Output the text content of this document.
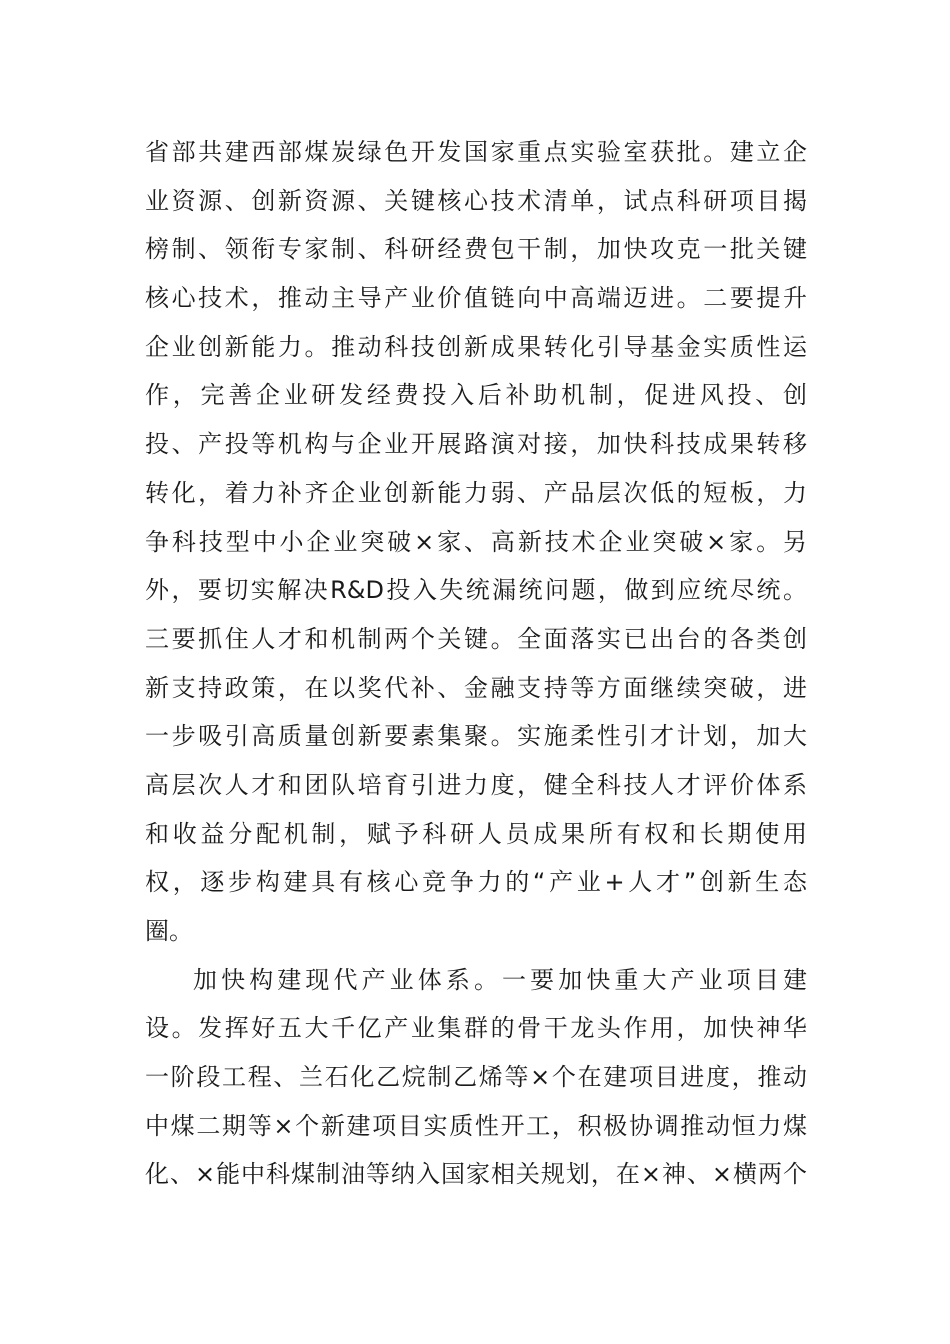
省部共建西部煤炭绿色开发国家重点实验室获批。建立企
业资源、创新资源、关键核心技术清单，试点科研项目揭
榜制、领衔专家制、科研经费包干制，加快攻克一批关键
核心技术，推动主导产业价值链向中高端迈进。二要提升
企业创新能力。推动科技创新成果转化引导基金实质性运
作，完善企业研发经费投入后补助机制，促进风投、创
投、产投等机构与企业开展路演对接，加快科技成果转移
转化，着力补齐企业创新能力弱、产品层次低的短板，力
争科技型中小企业突破×家、高新技术企业突破×家。另
外，要切实解决R&D投入失统漏统问题，做到应统尽统。
三要抓住人才和机制两个关键。全面落实已出台的各类创
新支持政策，在以奖代补、金融支持等方面继续突破，进
一步吸引高质量创新要素集聚。实施柔性引才计划，加大
高层次人才和团队培育引进力度，健全科技人才评价体系
和收益分配机制，赋予科研人员成果所有权和长期使用
权，逐步构建具有核心竞争力的“产业+人才”创新生态
圈。
加快构建现代产业体系。一要加快重大产业项目建
设。发挥好五大千亿产业集群的骨干龙头作用，加快神华
一阶段工程、兰石化乙烷制乙烯等×个在建项目进度，推动
中煤二期等×个新建项目实质性开工，积极协调推动恒力煤
化、×能中科煤制油等纳入国家相关规划，在×神、×横两个
